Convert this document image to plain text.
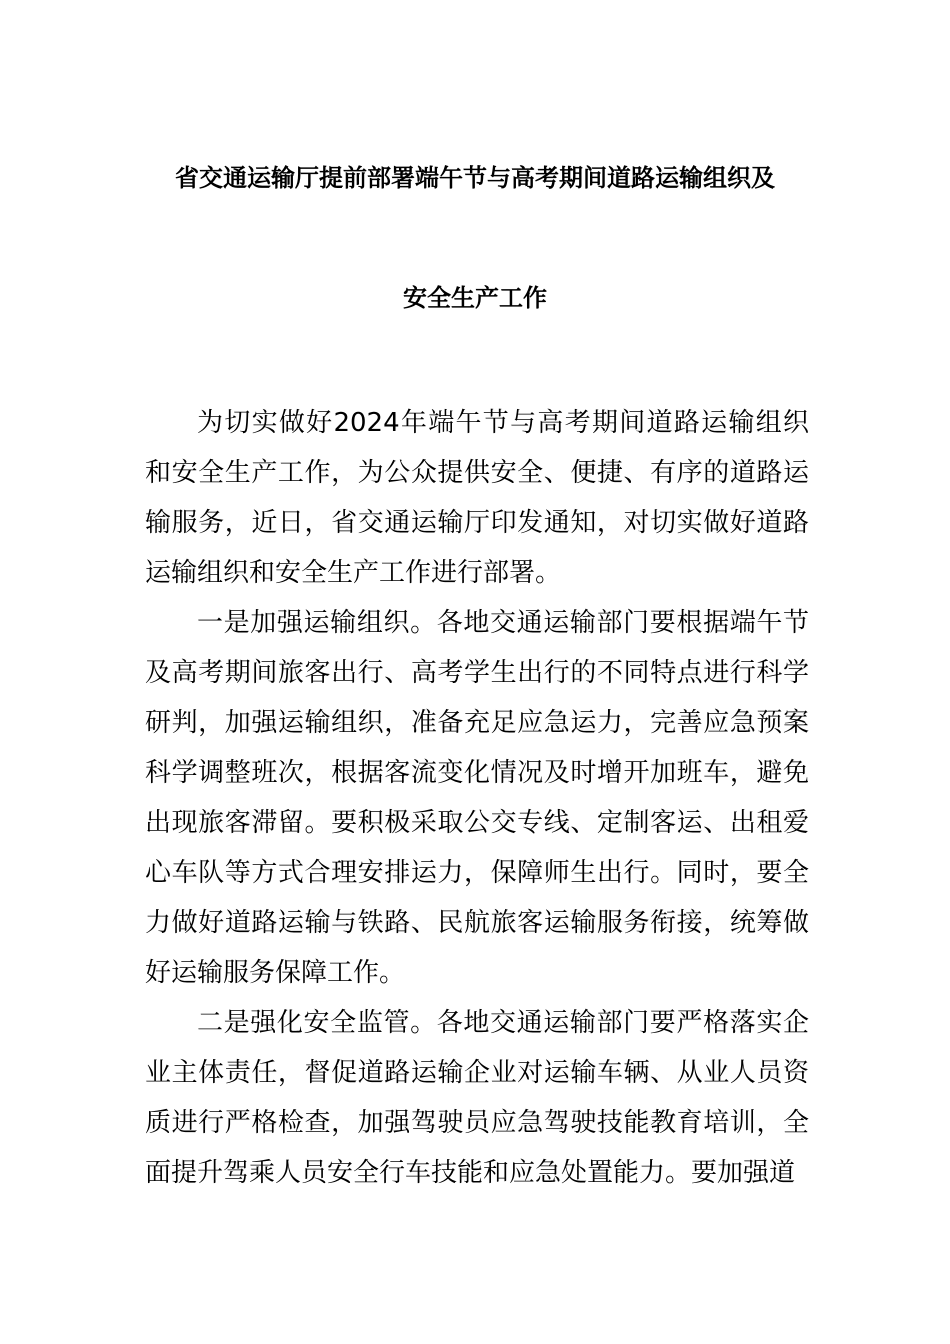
省交通运输厅提前部署端午节与高考期间道路运输组织及
安全生产工作

为切实做好2024年端午节与高考期间道路运输组织和安全生产工作，为公众提供安全、便捷、有序的道路运输服务，近日，省交通运输厅印发通知，对切实做好道路运输组织和安全生产工作进行部署。

一是加强运输组织。各地交通运输部门要根据端午节及高考期间旅客出行、高考学生出行的不同特点进行科学研判，加强运输组织，准备充足应急运力，完善应急预案科学调整班次，根据客流变化情况及时增开加班车，避免出现旅客滞留。要积极采取公交专线、定制客运、出租爱心车队等方式合理安排运力，保障师生出行。同时，要全力做好道路运输与铁路、民航旅客运输服务衔接，统筹做好运输服务保障工作。

二是强化安全监管。各地交通运输部门要严格落实企业主体责任，督促道路运输企业对运输车辆、从业人员资质进行严格检查，加强驾驶员应急驾驶技能教育培训，全面提升驾乘人员安全行车技能和应急处置能力。要加强道
